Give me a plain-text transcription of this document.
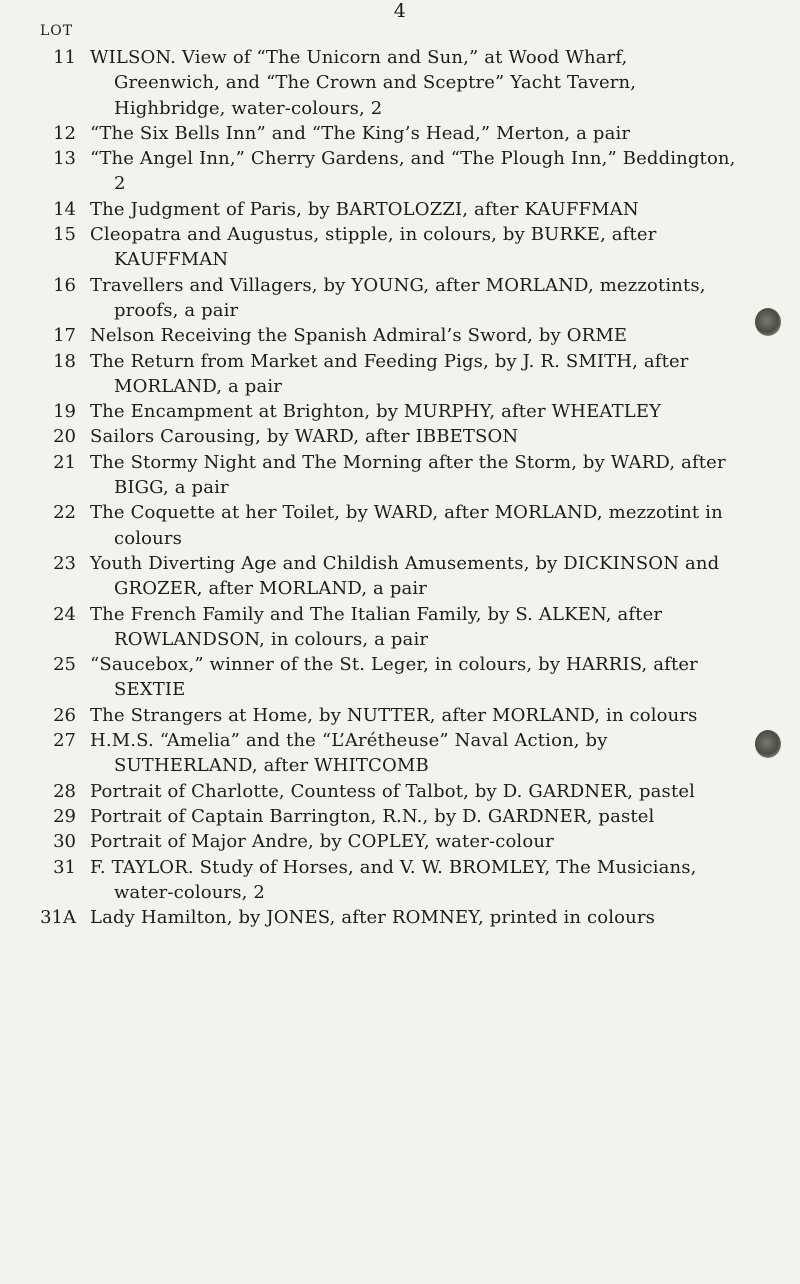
4
LOT
11 WILSON. View of “The Unicorn and Sun,” at Wood Wharf, Greenwich, and “The Crown and Sceptre” Yacht Tavern, Highbridge, water-colours, 2
12 “The Six Bells Inn” and “The King’s Head,” Merton, a pair
13 “The Angel Inn,” Cherry Gardens, and “The Plough Inn,” Beddington, 2
14 The Judgment of Paris, by BARTOLOZZI, after KAUFFMAN
15 Cleopatra and Augustus, stipple, in colours, by BURKE, after KAUFFMAN
16 Travellers and Villagers, by YOUNG, after MORLAND, mezzotints, proofs, a pair
17 Nelson Receiving the Spanish Admiral’s Sword, by ORME
18 The Return from Market and Feeding Pigs, by J. R. SMITH, after MORLAND, a pair
19 The Encampment at Brighton, by MURPHY, after WHEATLEY
20 Sailors Carousing, by WARD, after IBBETSON
21 The Stormy Night and The Morning after the Storm, by WARD, after BIGG, a pair
22 The Coquette at her Toilet, by WARD, after MORLAND, mezzotint in colours
23 Youth Diverting Age and Childish Amusements, by DICKINSON and GROZER, after MORLAND, a pair
24 The French Family and The Italian Family, by S. ALKEN, after ROWLANDSON, in colours, a pair
25 “Saucebox,” winner of the St. Leger, in colours, by HARRIS, after SEXTIE
26 The Strangers at Home, by NUTTER, after MORLAND, in colours
27 H.M.S. “Amelia” and the “L’Arétheuse” Naval Action, by SUTHERLAND, after WHITCOMB
28 Portrait of Charlotte, Countess of Talbot, by D. GARDNER, pastel
29 Portrait of Captain Barrington, R.N., by D. GARDNER, pastel
30 Portrait of Major Andre, by COPLEY, water-colour
31 F. TAYLOR. Study of Horses, and V. W. BROMLEY, The Musicians, water-colours, 2
31A Lady Hamilton, by JONES, after ROMNEY, printed in colours
